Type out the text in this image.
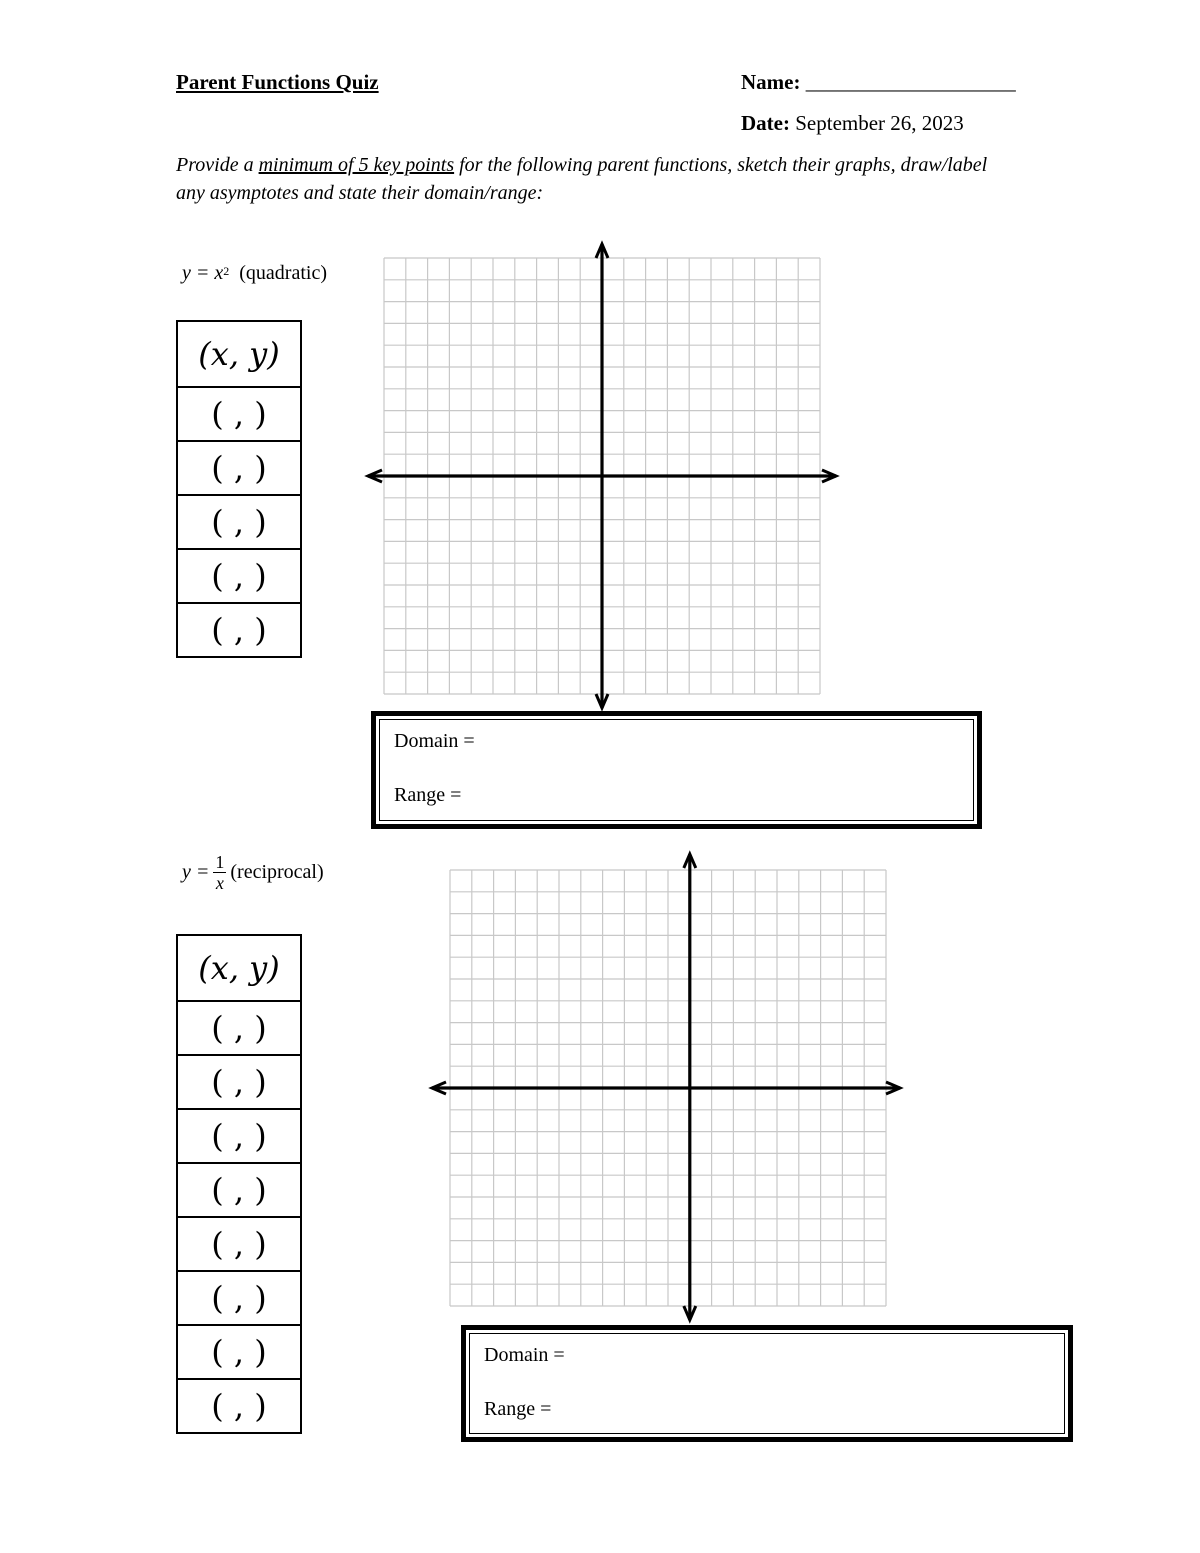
Parent Functions Quiz	Name: ____________________
Date: September 26, 2023
Provide a minimum of 5 key points for the following parent functions, sketch their graphs, draw/label any asymptotes and state their domain/range:
$y = x^2$ (quadratic)
(x, y)
( , )
( , )
( , )
( , )
( , )
Domain =
Range =
$y = \frac{1}{x}$ (reciprocal)
(x, y)
( , )
( , )
( , )
( , )
( , )
( , )
( , )
( , )
Domain =
Range =
